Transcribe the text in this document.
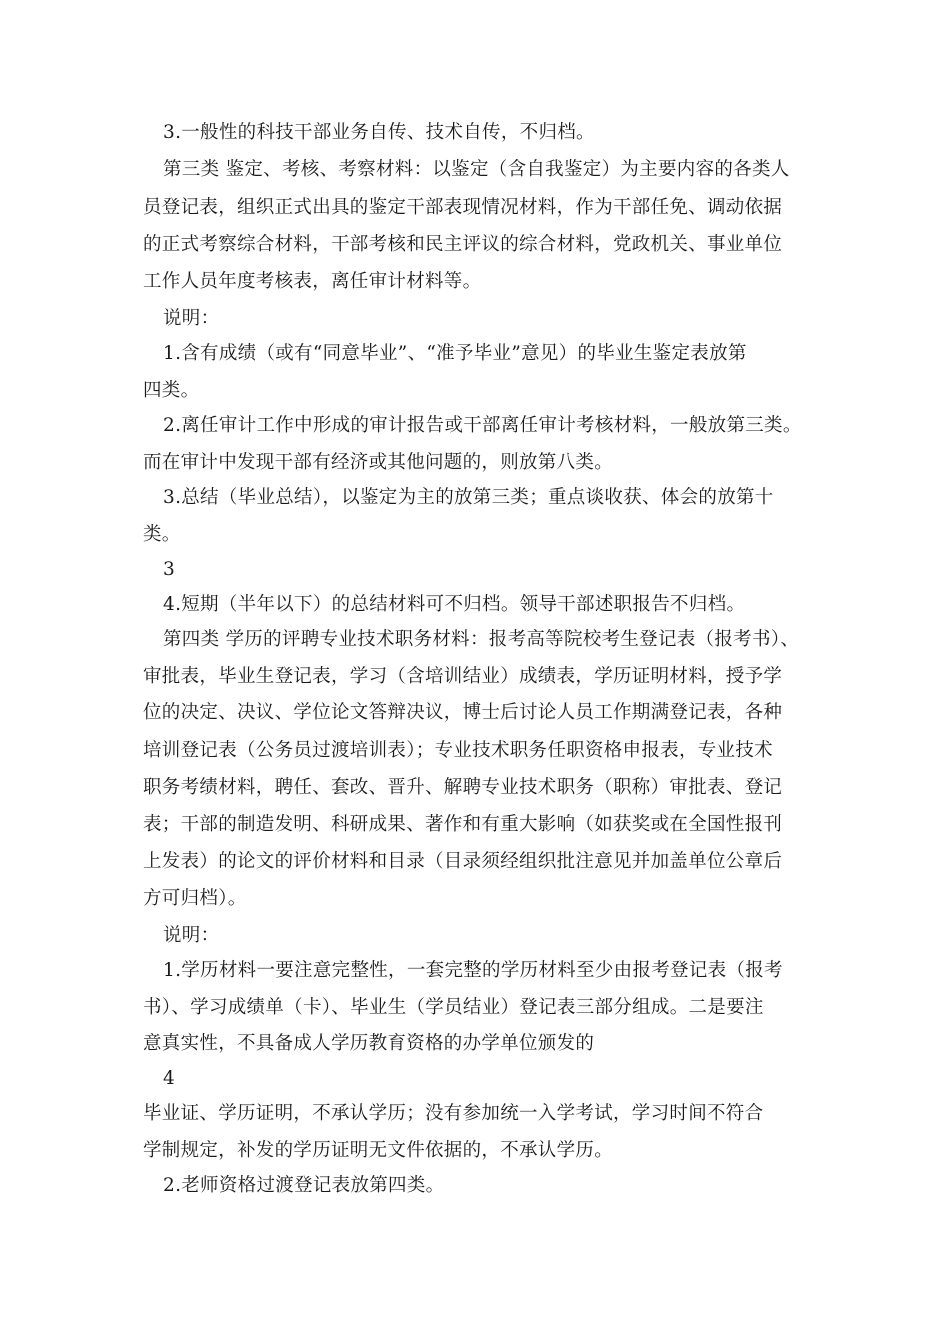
3.一般性的科技干部业务自传、技术自传，不归档。
第三类 鉴定、考核、考察材料：以鉴定（含自我鉴定）为主要内容的各类人
员登记表，组织正式出具的鉴定干部表现情况材料，作为干部任免、调动依据
的正式考察综合材料，干部考核和民主评议的综合材料，党政机关、事业单位
工作人员年度考核表，离任审计材料等。
说明：
1.含有成绩（或有“同意毕业”、“准予毕业”意见）的毕业生鉴定表放第
四类。
2.离任审计工作中形成的审计报告或干部离任审计考核材料，一般放第三类。
而在审计中发现干部有经济或其他问题的，则放第八类。
3.总结（毕业总结），以鉴定为主的放第三类；重点谈收获、体会的放第十
类。
3
4.短期（半年以下）的总结材料可不归档。领导干部述职报告不归档。
第四类 学历的评聘专业技术职务材料：报考高等院校考生登记表（报考书）、
审批表，毕业生登记表，学习（含培训结业）成绩表，学历证明材料，授予学
位的决定、决议、学位论文答辩决议，博士后讨论人员工作期满登记表，各种
培训登记表（公务员过渡培训表）；专业技术职务任职资格申报表，专业技术
职务考绩材料，聘任、套改、晋升、解聘专业技术职务（职称）审批表、登记
表；干部的制造发明、科研成果、著作和有重大影响（如获奖或在全国性报刊
上发表）的论文的评价材料和目录（目录须经组织批注意见并加盖单位公章后
方可归档）。
说明：
1.学历材料一要注意完整性，一套完整的学历材料至少由报考登记表（报考
书）、学习成绩单（卡）、毕业生（学员结业）登记表三部分组成。二是要注
意真实性，不具备成人学历教育资格的办学单位颁发的
4
毕业证、学历证明，不承认学历；没有参加统一入学考试，学习时间不符合
学制规定，补发的学历证明无文件依据的，不承认学历。
2.老师资格过渡登记表放第四类。
